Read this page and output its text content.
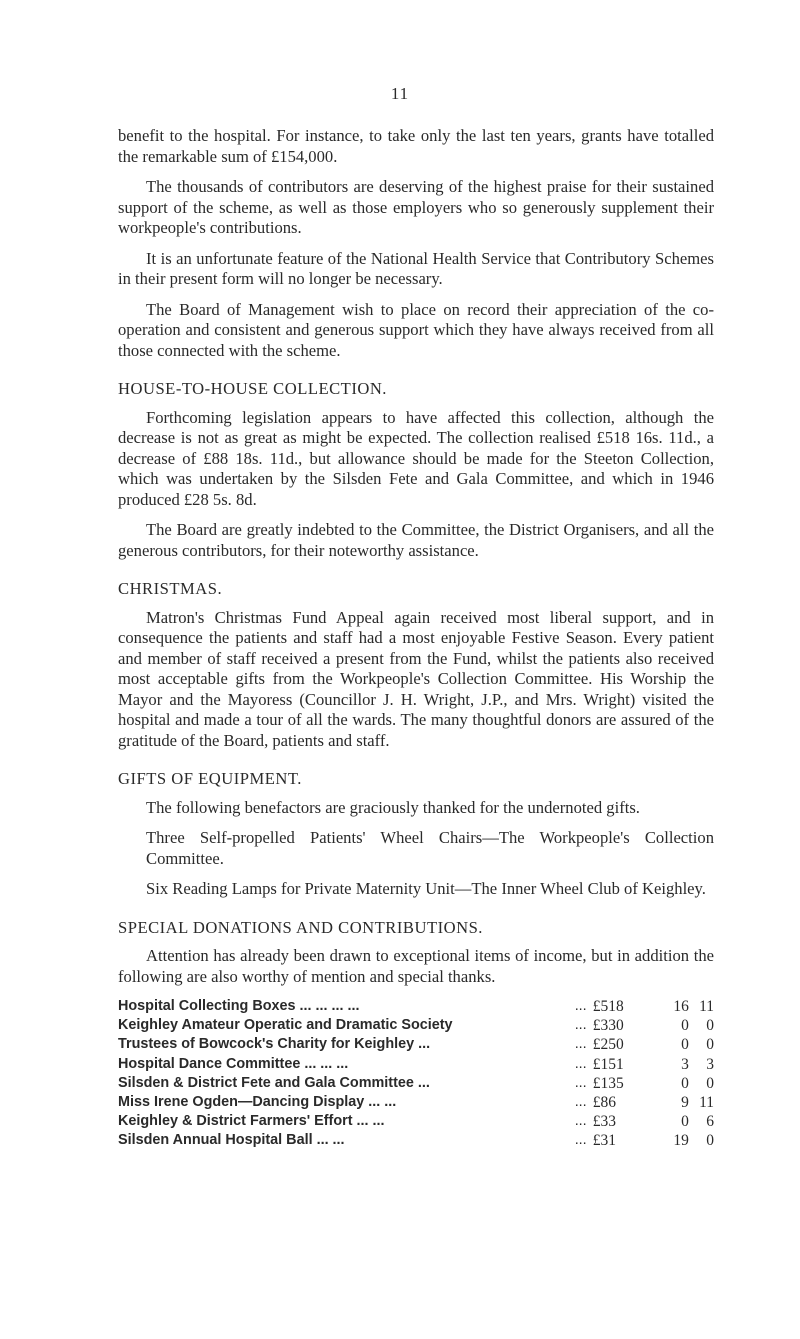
11

benefit to the hospital. For instance, to take only the last ten years, grants have totalled the remarkable sum of £154,000.

The thousands of contributors are deserving of the highest praise for their sustained support of the scheme, as well as those employers who so generously supplement their workpeople's contributions.

It is an unfortunate feature of the National Health Service that Contributory Schemes in their present form will no longer be necessary.

The Board of Management wish to place on record their appreciation of the co-operation and consistent and generous support which they have always received from all those connected with the scheme.

HOUSE-TO-HOUSE COLLECTION.

Forthcoming legislation appears to have affected this collection, although the decrease is not as great as might be expected. The collection realised £518 16s. 11d., a decrease of £88 18s. 11d., but allowance should be made for the Steeton Collection, which was undertaken by the Silsden Fete and Gala Committee, and which in 1946 produced £28 5s. 8d.

The Board are greatly indebted to the Committee, the District Organisers, and all the generous contributors, for their noteworthy assistance.

CHRISTMAS.

Matron's Christmas Fund Appeal again received most liberal support, and in consequence the patients and staff had a most enjoyable Festive Season. Every patient and member of staff received a present from the Fund, whilst the patients also received most acceptable gifts from the Workpeople's Collection Committee. His Worship the Mayor and the Mayoress (Councillor J. H. Wright, J.P., and Mrs. Wright) visited the hospital and made a tour of all the wards. The many thoughtful donors are assured of the gratitude of the Board, patients and staff.

GIFTS OF EQUIPMENT.

The following benefactors are graciously thanked for the undernoted gifts.

Three Self-propelled Patients' Wheel Chairs—The Workpeople's Collection Committee.

Six Reading Lamps for Private Maternity Unit—The Inner Wheel Club of Keighley.

SPECIAL DONATIONS AND CONTRIBUTIONS.

Attention has already been drawn to exceptional items of income, but in addition the following are also worthy of mention and special thanks.

Hospital Collecting Boxes ... ... ... ...	...	£518	16	11
Keighley Amateur Operatic and Dramatic Society	...	£330	0	0
Trustees of Bowcock's Charity for Keighley ...	...	£250	0	0
Hospital Dance Committee ... ... ...	...	£151	3	3
Silsden & District Fete and Gala Committee ...	...	£135	0	0
Miss Irene Ogden—Dancing Display ... ...	...	£86	9	11
Keighley & District Farmers' Effort ... ...	...	£33	0	6
Silsden Annual Hospital Ball ... ...	...	£31	19	0
